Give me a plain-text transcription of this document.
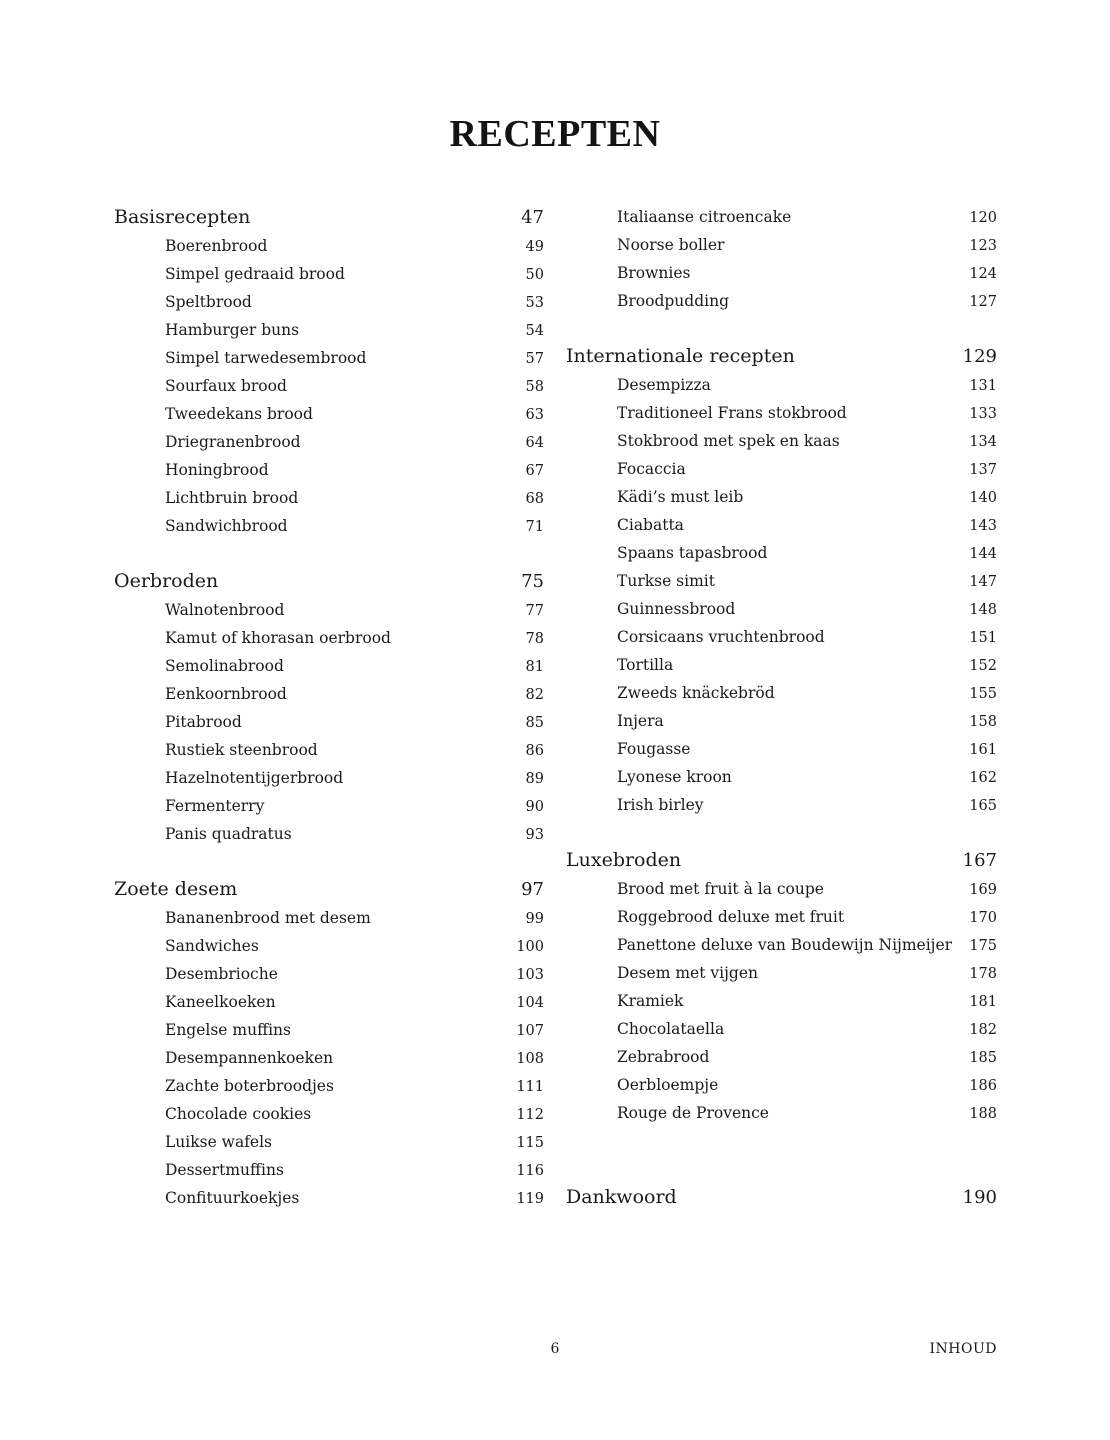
RECEPTEN
Basisrecepten	47
Boerenbrood	49
Simpel gedraaid brood	50
Speltbrood	53
Hamburger buns	54
Simpel tarwedesembrood	57
Sourfaux brood	58
Tweedekans brood	63
Driegranenbrood	64
Honingbrood	67
Lichtbruin brood	68
Sandwichbrood	71
Oerbroden	75
Walnotenbrood	77
Kamut of khorasan oerbrood	78
Semolinabrood	81
Eenkoornbrood	82
Pitabrood	85
Rustiek steenbrood	86
Hazelnotentijgerbrood	89
Fermenterry	90
Panis quadratus	93
Zoete desem	97
Bananenbrood met desem	99
Sandwiches	100
Desembrioche	103
Kaneelkoeken	104
Engelse muffins	107
Desempannenkoeken	108
Zachte boterbroodjes	111
Chocolade cookies	112
Luikse wafels	115
Dessertmuffins	116
Confituurkoekjes	119
Italiaanse citroencake	120
Noorse boller	123
Brownies	124
Broodpudding	127
Internationale recepten	129
Desempizza	131
Traditioneel Frans stokbrood	133
Stokbrood met spek en kaas	134
Focaccia	137
Kädi’s must leib	140
Ciabatta	143
Spaans tapasbrood	144
Turkse simit	147
Guinnessbrood	148
Corsicaans vruchtenbrood	151
Tortilla	152
Zweeds knäckebröd	155
Injera	158
Fougasse	161
Lyonese kroon	162
Irish birley	165
Luxebroden	167
Brood met fruit à la coupe	169
Roggebrood deluxe met fruit	170
Panettone deluxe van Boudewijn Nijmeijer 175
Desem met vijgen	178
Kramiek	181
Chocolataella	182
Zebrabrood	185
Oerbloempje	186
Rouge de Provence	188
Dankwoord	190
6	INHOUD
